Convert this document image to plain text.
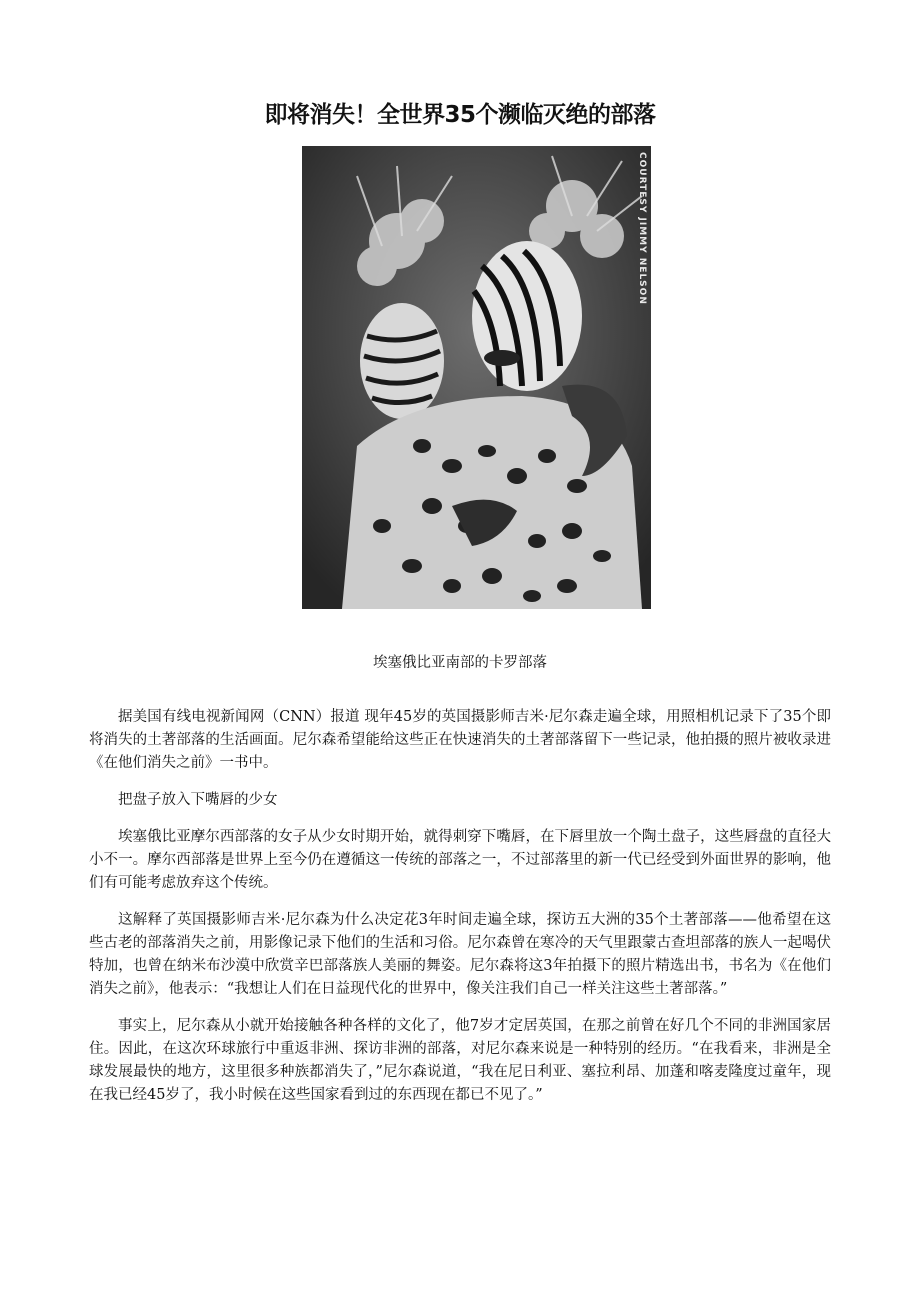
即将消失！全世界35个濒临灭绝的部落
COURTESY JIMMY NELSON
埃塞俄比亚南部的卡罗部落

据美国有线电视新闻网（CNN）报道 现年45岁的英国摄影师吉米·尼尔森走遍全球，用照相机记录下了35个即将消失的土著部落的生活画面。尼尔森希望能给这些正在快速消失的土著部落留下一些记录，他拍摄的照片被收录进《在他们消失之前》一书中。

把盘子放入下嘴唇的少女

埃塞俄比亚摩尔西部落的女子从少女时期开始，就得刺穿下嘴唇，在下唇里放一个陶土盘子，这些唇盘的直径大小不一。摩尔西部落是世界上至今仍在遵循这一传统的部落之一，不过部落里的新一代已经受到外面世界的影响，他们有可能考虑放弃这个传统。

这解释了英国摄影师吉米·尼尔森为什么决定花3年时间走遍全球，探访五大洲的35个土著部落——他希望在这些古老的部落消失之前，用影像记录下他们的生活和习俗。尼尔森曾在寒冷的天气里跟蒙古查坦部落的族人一起喝伏特加，也曾在纳米布沙漠中欣赏辛巴部落族人美丽的舞姿。尼尔森将这3年拍摄下的照片精选出书，书名为《在他们消失之前》，他表示：“我想让人们在日益现代化的世界中，像关注我们自己一样关注这些土著部落。”

事实上，尼尔森从小就开始接触各种各样的文化了，他7岁才定居英国，在那之前曾在好几个不同的非洲国家居住。因此，在这次环球旅行中重返非洲、探访非洲的部落，对尼尔森来说是一种特别的经历。“在我看来，非洲是全球发展最快的地方，这里很多种族都消失了，”尼尔森说道，“我在尼日利亚、塞拉利昂、加蓬和喀麦隆度过童年，现在我已经45岁了，我小时候在这些国家看到过的东西现在都已不见了。”
